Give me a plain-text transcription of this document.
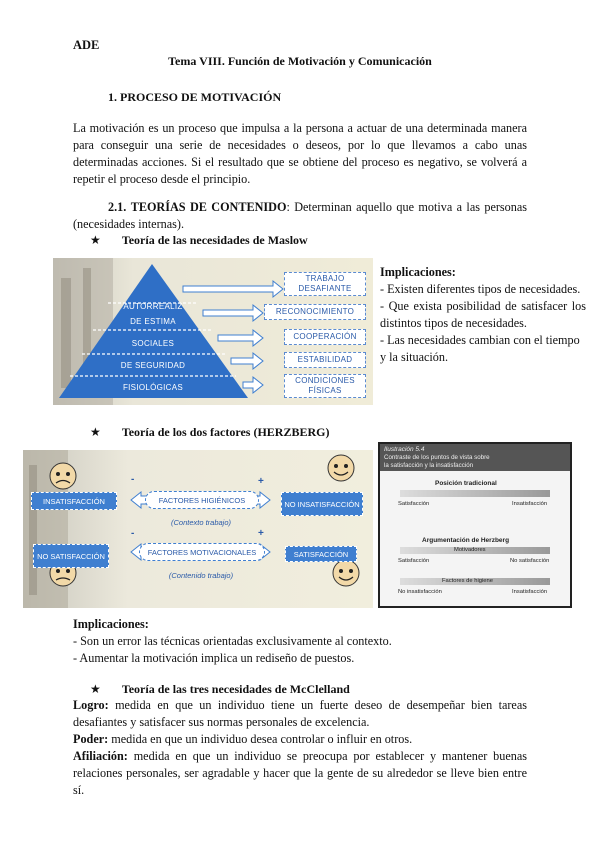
ADE
Tema VIII. Función de Motivación y Comunicación
1. PROCESO DE MOTIVACIÓN
La motivación es un proceso que impulsa a la persona a actuar de una determinada manera para conseguir una serie de necesidades o deseos, por lo que llevamos a cabo unas determinadas acciones. Si el resultado que se obtiene del proceso es negativo, se volverá a repetir el proceso desde el principio.
2.1. TEORÍAS DE CONTENIDO: Determinan aquello que motiva a las personas (necesidades internas).
★ Teoría de las necesidades de Maslow
AUTORREALIZ
DE ESTIMA
SOCIALES
DE SEGURIDAD
FISIOLÓGICAS
TRABAJO DESAFIANTE
RECONOCIMIENTO
COOPERACIÓN
ESTABILIDAD
CONDICIONES FÍSICAS
Implicaciones:
- Existen diferentes tipos de necesidades.
- Que exista posibilidad de satisfacer los distintos tipos de necesidades.
- Las necesidades cambian con el tiempo y la situación.
★ Teoría de los dos factores (HERZBERG)
INSATISFACCIÓN
NO SATISFACCIÓN
NO INSATISFACCIÓN
SATISFACCIÓN
FACTORES HIGIÉNICOS
FACTORES MOTIVACIONALES
(Contexto trabajo)
(Contenido trabajo)
-	+
-	+
Ilustración 5.4
Contraste de los puntos de vista sobre
la satisfacción y la insatisfacción
Posición tradicional
Satisfacción	Insatisfacción
Argumentación de Herzberg
Motivadores
Satisfacción	No satisfacción
Factores de higiene
No insatisfacción	Insatisfacción
Implicaciones:
- Son un error las técnicas orientadas exclusivamente al contexto.
- Aumentar la motivación implica un rediseño de puestos.
★ Teoría de las tres necesidades de McClelland
Logro: medida en que un individuo tiene un fuerte deseo de desempeñar bien tareas desafiantes y satisfacer sus normas personales de excelencia.
Poder: medida en que un individuo desea controlar o influir en otros.
Afiliación: medida en que un individuo se preocupa por establecer y mantener buenas relaciones personales, ser agradable y hacer que la gente de su alrededor se lleve bien entre sí.
